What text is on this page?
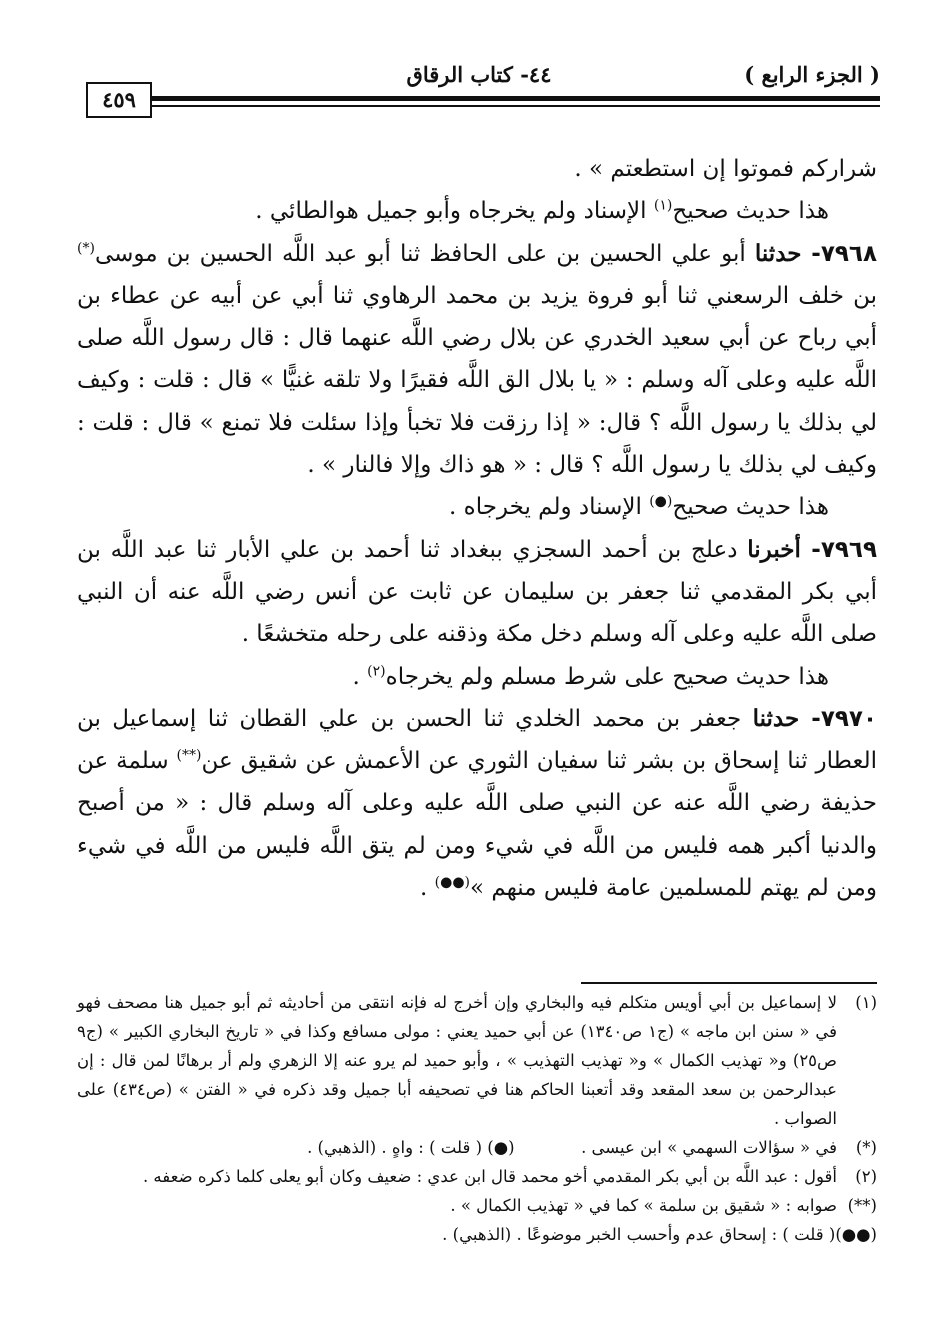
( الجزء الرابع )
٤٤- كتاب الرقاق
٤٥٩

شراركم فموتوا إن استطعتم » .

هذا حديث صحيح$^{(١)}$ الإسناد ولم يخرجاه وأبو جميل هوالطائي .

٧٩٦٨- حدثنا أبو علي الحسين بن على الحافظ ثنا أبو عبد اللَّه الحسين بن موسى(*) بن خلف الرسعني ثنا أبو فروة يزيد بن محمد الرهاوي ثنا أبي عن أبيه عن عطاء بن أبي رباح عن أبي سعيد الخدري عن بلال رضي اللَّه عنهما قال : قال رسول اللَّه صلى اللَّه عليه وعلى آله وسلم : « يا بلال الق اللَّه فقيرًا ولا تلقه غنيًّا » قال : قلت : وكيف لي بذلك يا رسول اللَّه ؟ قال: « إذا رزقت فلا تخبأ وإذا سئلت فلا تمنع » قال : قلت : وكيف لي بذلك يا رسول اللَّه ؟ قال : « هو ذاك وإلا فالنار » .

هذا حديث صحيح(●) الإسناد ولم يخرجاه .

٧٩٦٩- أخبرنا دعلج بن أحمد السجزي ببغداد ثنا أحمد بن علي الأبار ثنا عبد اللَّه بن أبي بكر المقدمي ثنا جعفر بن سليمان عن ثابت عن أنس رضي اللَّه عنه أن النبي صلى اللَّه عليه وعلى آله وسلم دخل مكة وذقنه على رحله متخشعًا .

هذا حديث صحيح على شرط مسلم ولم يخرجاه$^{(٢)}$ .

٧٩٧٠- حدثنا جعفر بن محمد الخلدي ثنا الحسن بن علي القطان ثنا إسماعيل بن العطار ثنا إسحاق بن بشر ثنا سفيان الثوري عن الأعمش عن شقيق عن(**) سلمة عن حذيفة رضي اللَّه عنه عن النبي صلى اللَّه عليه وعلى آله وسلم قال : « من أصبح والدنيا أكبر همه فليس من اللَّه في شيء ومن لم يتق اللَّه فليس من اللَّه في شيء ومن لم يهتم للمسلمين عامة فليس منهم »(●●) .

(١)
لا إسماعيل بن أبي أويس متكلم فيه والبخاري وإن أخرج له فإنه انتقى من أحاديثه ثم أبو جميل هنا مصحف فهو في « سنن ابن ماجه » (ج١ ص١٣٤٠) عن أبي حميد يعني : مولى مسافع وكذا في « تاريخ البخاري الكبير » (ج٩ ص٢٥) و« تهذيب الكمال » و« تهذيب التهذيب » ، وأبو حميد لم يرو عنه إلا الزهري ولم أر برهانًا لمن قال : إن عبدالرحمن بن سعد المقعد وقد أتعبنا الحاكم هنا في تصحيفه أبا جميل وقد ذكره في « الفتن » (ص٤٣٤) على الصواب .
(*)
في « سؤالات السهمي » ابن عيسى .  (●) ( قلت ) : واهٍ . (الذهبي) .
(٢)
أقول : عبد اللَّه بن أبي بكر المقدمي أخو محمد قال ابن عدي : ضعيف وكان أبو يعلى كلما ذكره ضعفه .
(**)
صوابه : « شقيق بن سلمة » كما في « تهذيب الكمال » .
(●●)
( قلت ) : إسحاق عدم وأحسب الخبر موضوعًا . (الذهبي) .
